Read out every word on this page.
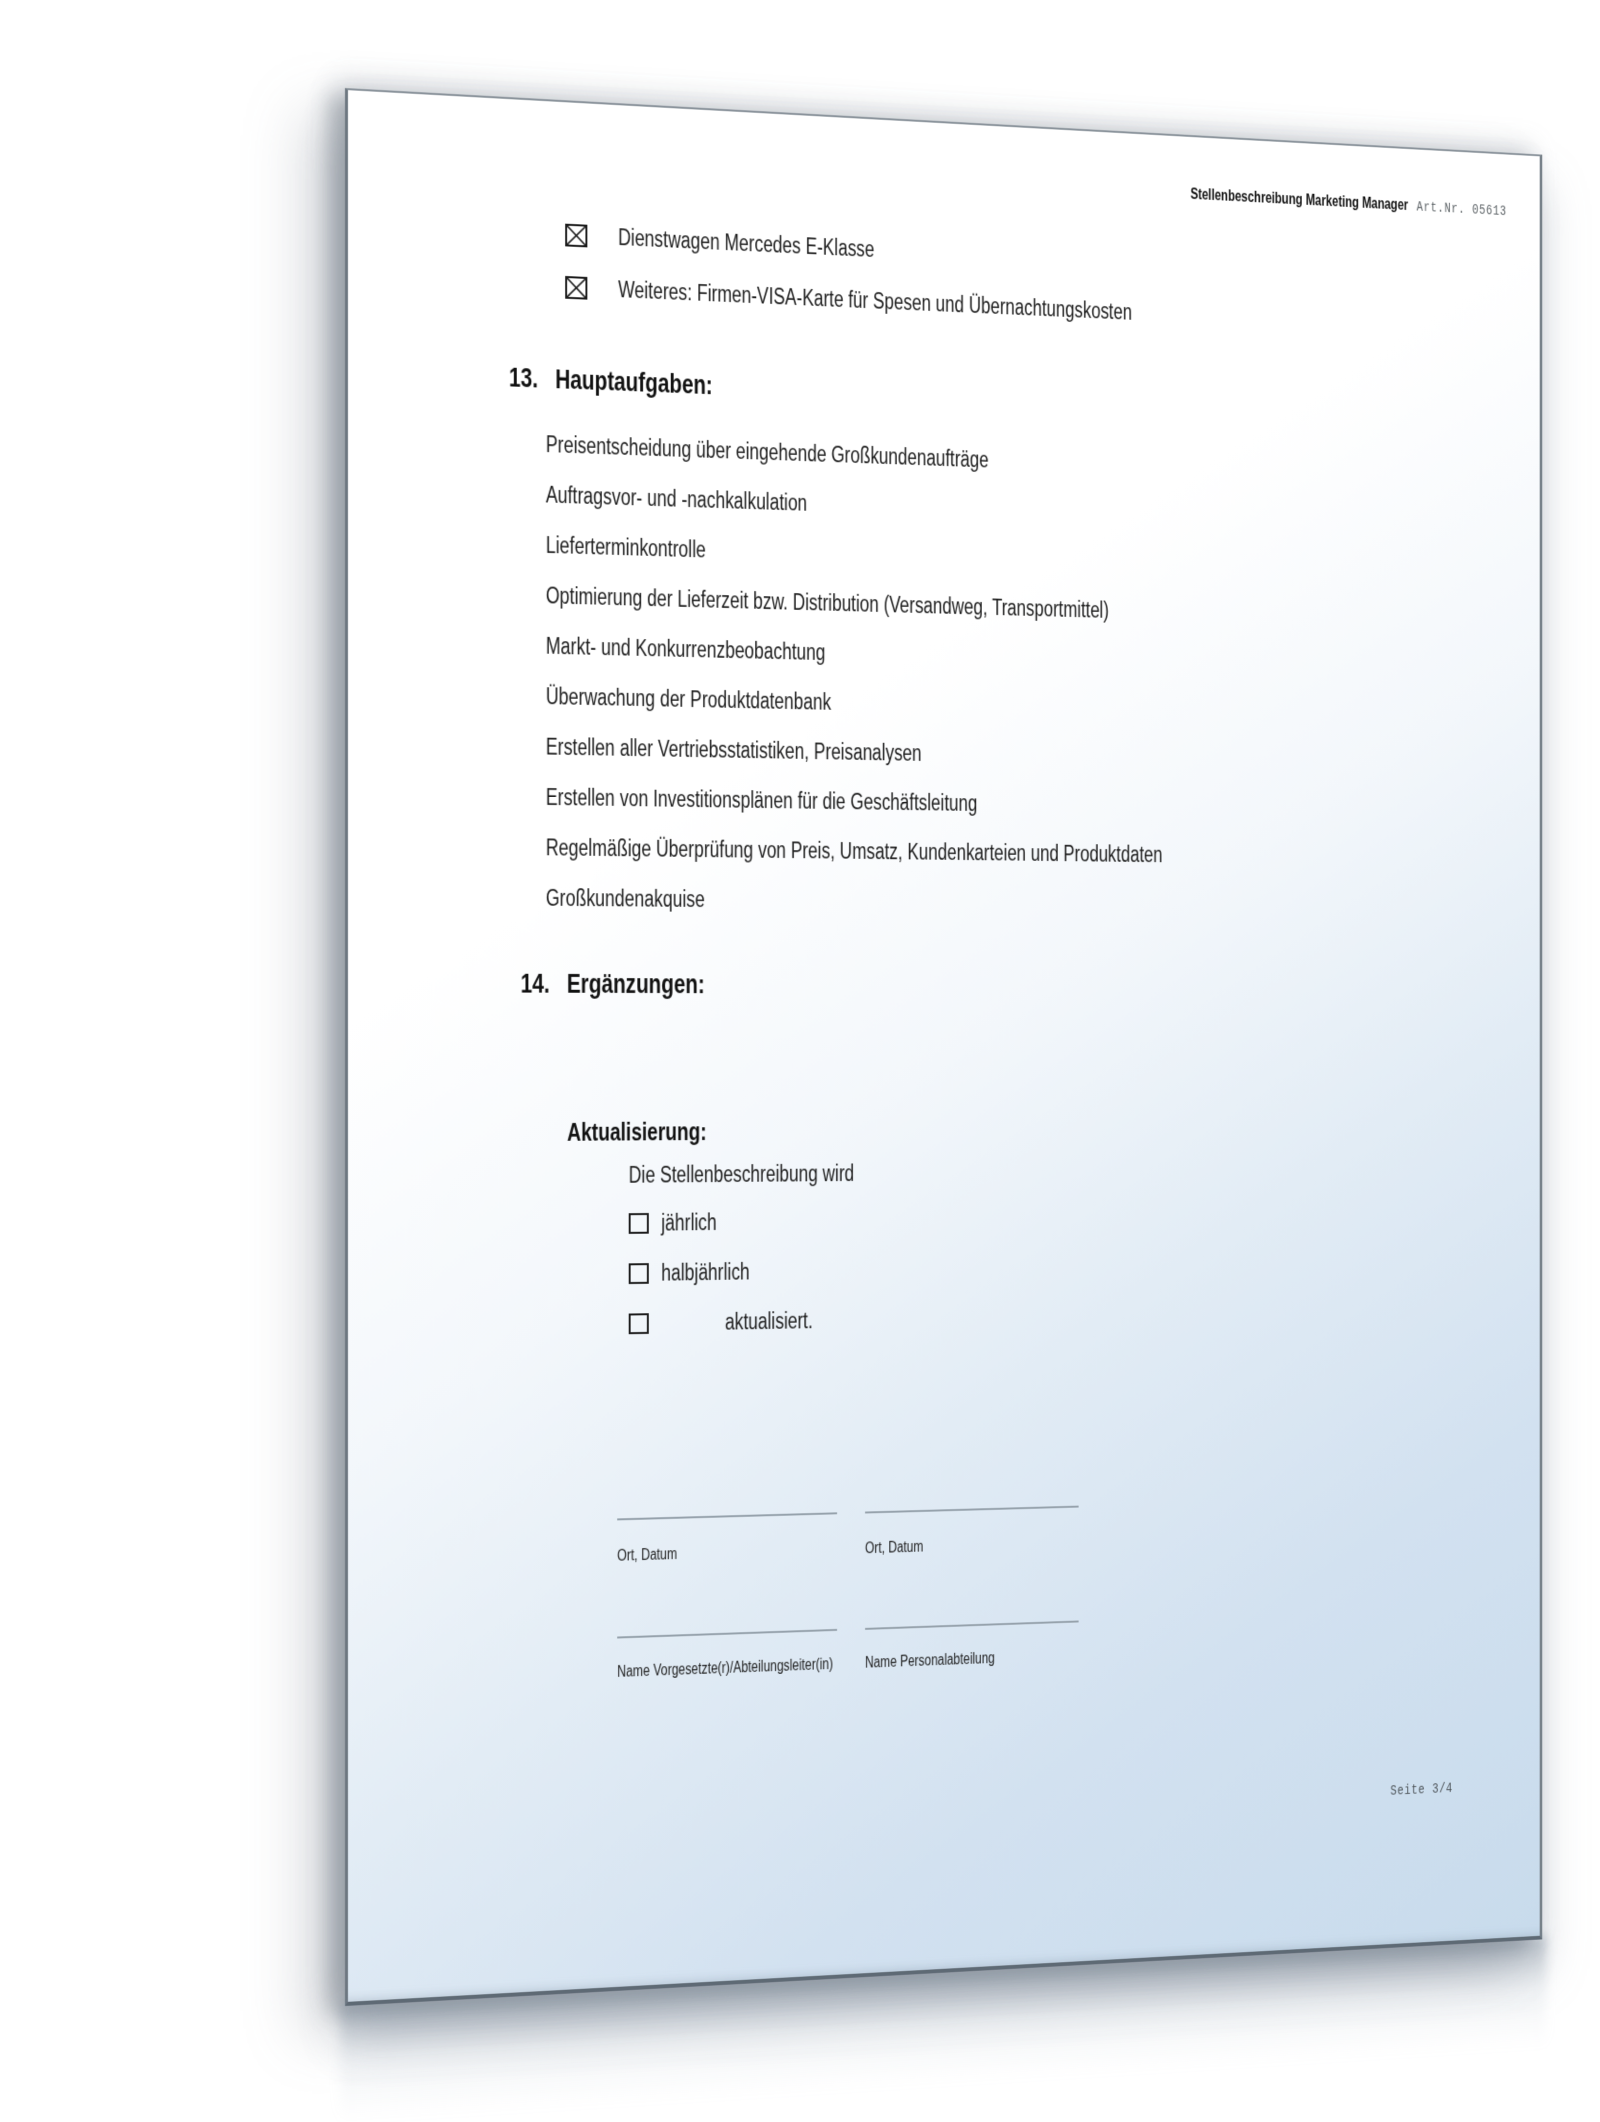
Stellenbeschreibung Marketing Manager Art.Nr. 05613
Dienstwagen Mercedes E-Klasse
Weiteres: Firmen-VISA-Karte für Spesen und Übernachtungskosten
13. Hauptaufgaben:
Preisentscheidung über eingehende Großkundenaufträge
Auftragsvor- und -nachkalkulation
Lieferterminkontrolle
Optimierung der Lieferzeit bzw. Distribution (Versandweg, Transportmittel)
Markt- und Konkurrenzbeobachtung
Überwachung der Produktdatenbank
Erstellen aller Vertriebsstatistiken, Preisanalysen
Erstellen von Investitionsplänen für die Geschäftsleitung
Regelmäßige Überprüfung von Preis, Umsatz, Kundenkarteien und Produktdaten
Großkundenakquise
14. Ergänzungen:
Aktualisierung:
Die Stellenbeschreibung wird
jährlich
halbjährlich
aktualisiert.
Ort, Datum	Ort, Datum
Name Vorgesetzte(r)/Abteilungsleiter(in) Name Personalabteilung
Seite 3/4
